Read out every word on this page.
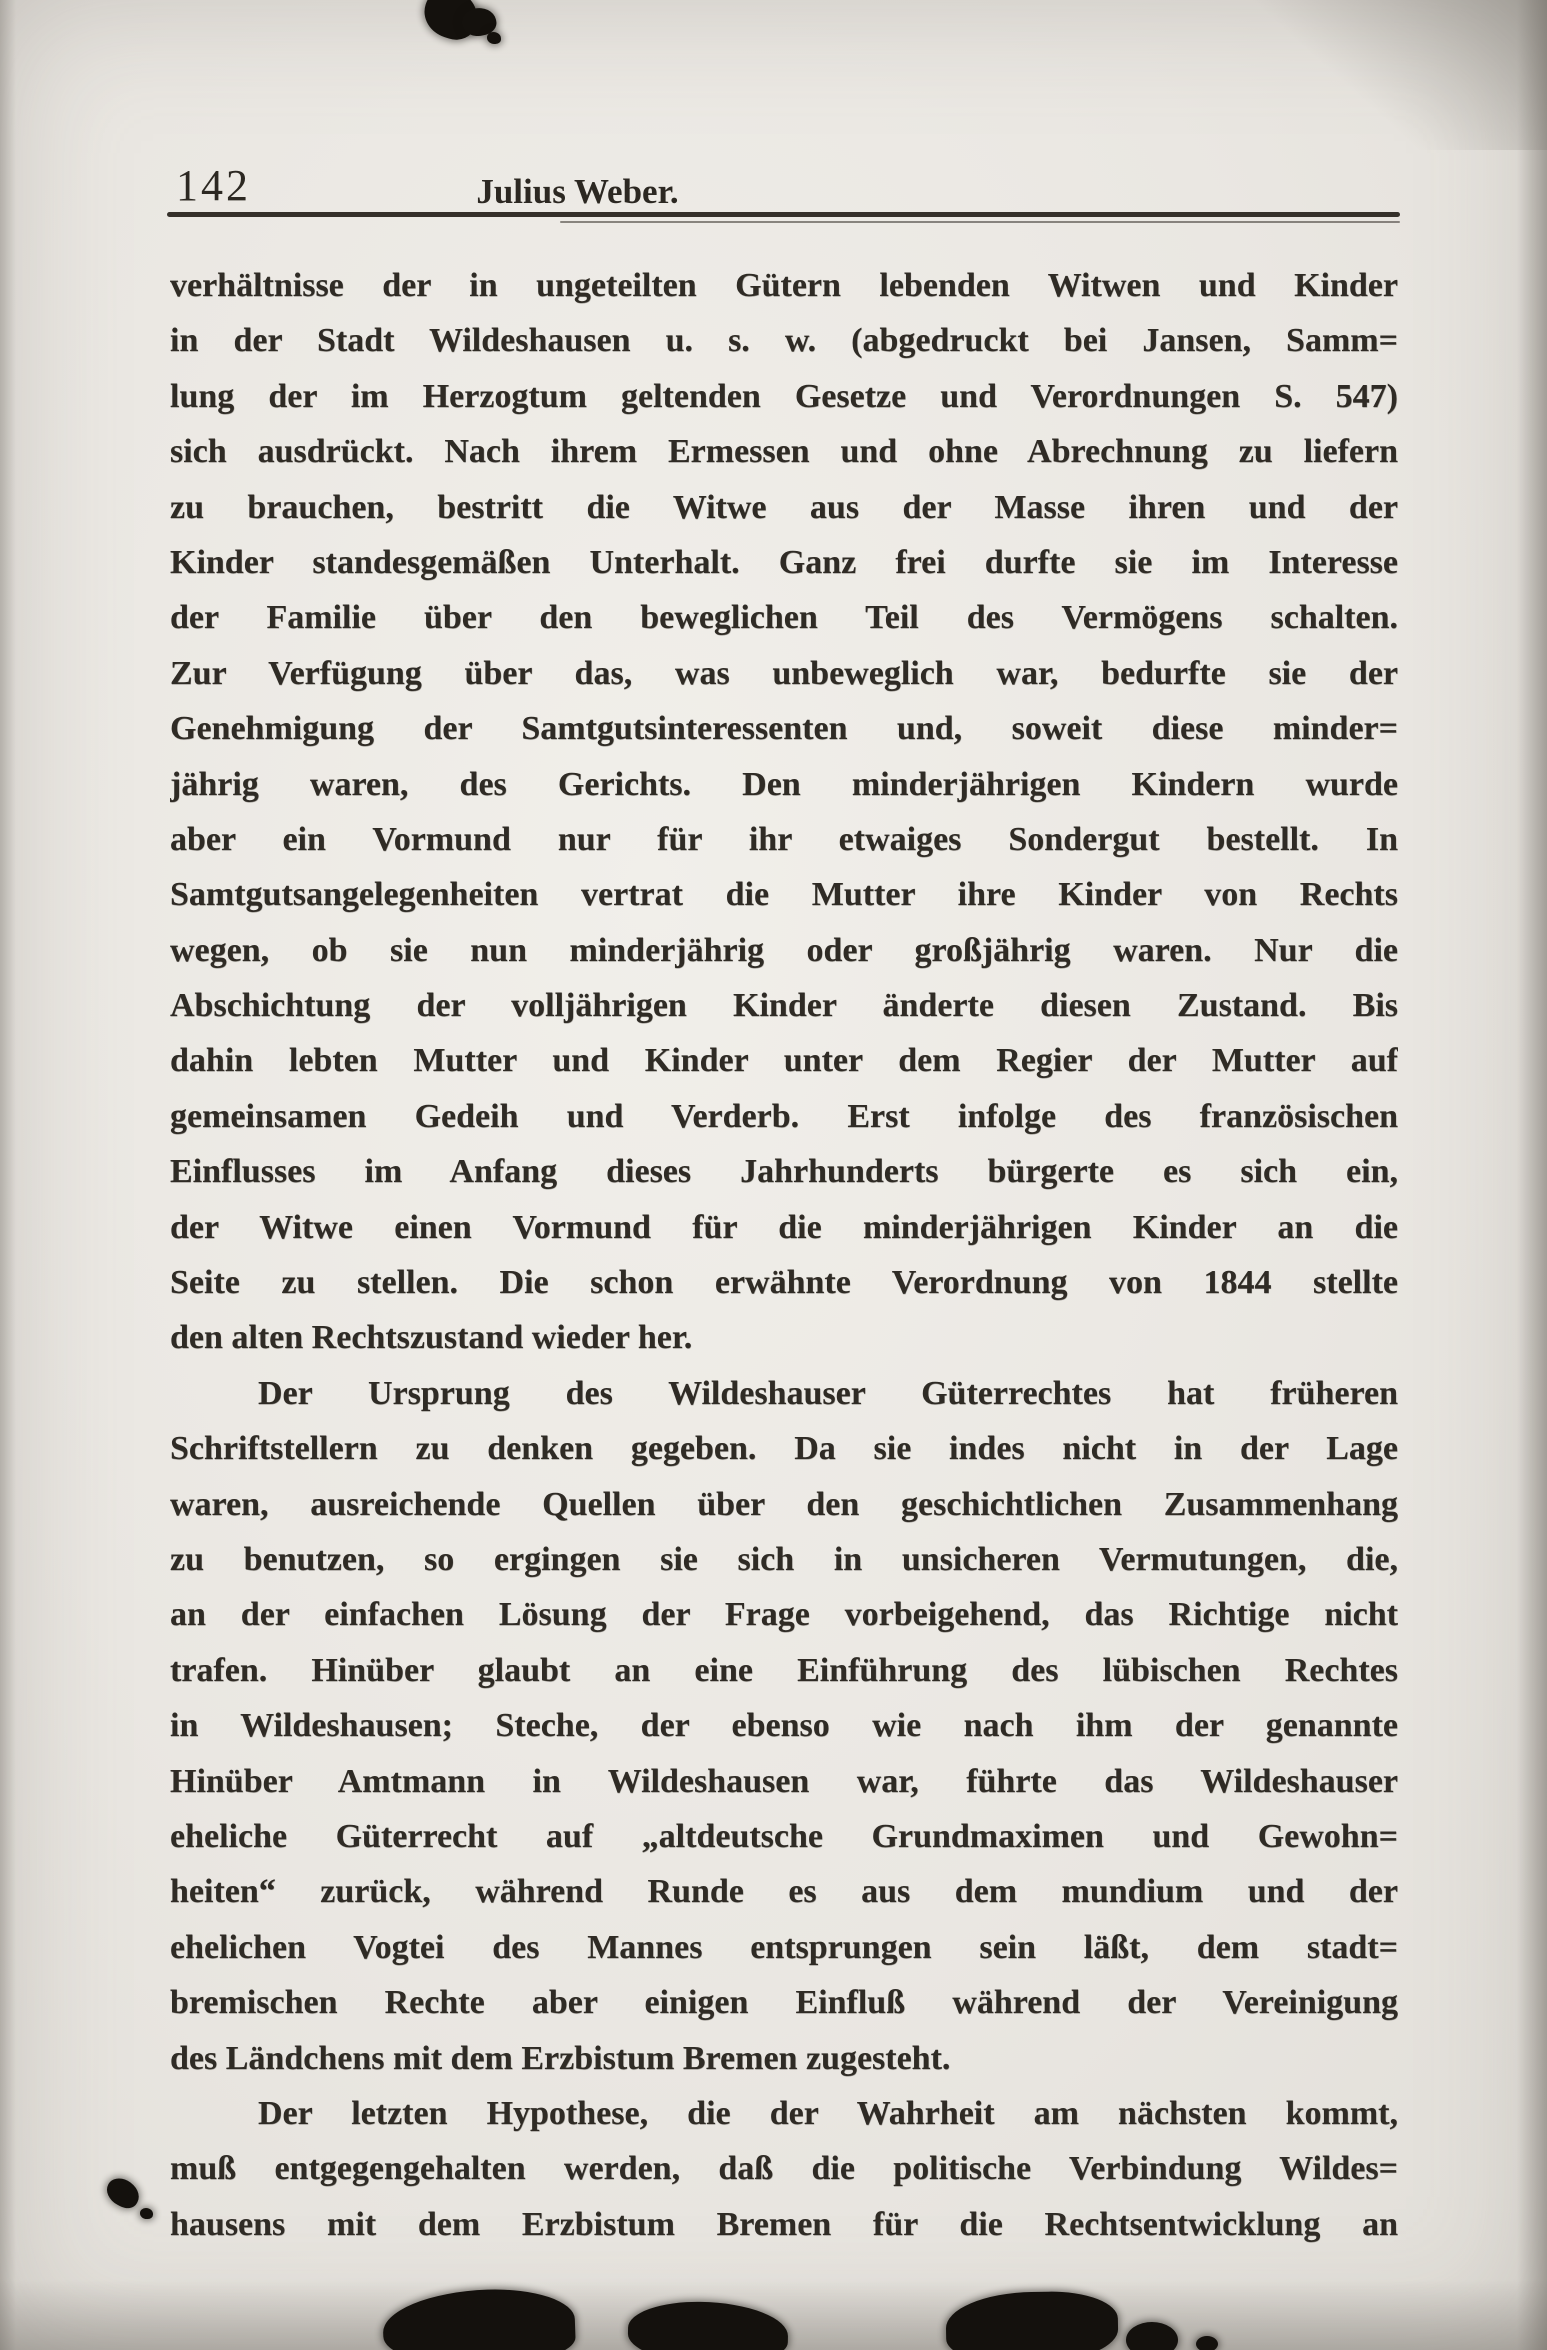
142	Julius Weber.
verhältnisse der in ungeteilten Gütern lebenden Witwen und Kinder
in der Stadt Wildeshausen u. s. w. (abgedruckt bei Jansen, Samm=
lung der im Herzogtum geltenden Gesetze und Verordnungen S. 547)
sich ausdrückt. Nach ihrem Ermessen und ohne Abrechnung zu liefern
zu brauchen, bestritt die Witwe aus der Masse ihren und der
Kinder standesgemäßen Unterhalt. Ganz frei durfte sie im Interesse
der Familie über den beweglichen Teil des Vermögens schalten.
Zur Verfügung über das, was unbeweglich war, bedurfte sie der
Genehmigung der Samtgutsinteressenten und, soweit diese minder=
jährig waren, des Gerichts. Den minderjährigen Kindern wurde
aber ein Vormund nur für ihr etwaiges Sondergut bestellt. In
Samtgutsangelegenheiten vertrat die Mutter ihre Kinder von Rechts
wegen, ob sie nun minderjährig oder großjährig waren. Nur die
Abschichtung der volljährigen Kinder änderte diesen Zustand. Bis
dahin lebten Mutter und Kinder unter dem Regier der Mutter auf
gemeinsamen Gedeih und Verderb. Erst infolge des französischen
Einflusses im Anfang dieses Jahrhunderts bürgerte es sich ein,
der Witwe einen Vormund für die minderjährigen Kinder an die
Seite zu stellen. Die schon erwähnte Verordnung von 1844 stellte
den alten Rechtszustand wieder her.
Der Ursprung des Wildeshauser Güterrechtes hat früheren
Schriftstellern zu denken gegeben. Da sie indes nicht in der Lage
waren, ausreichende Quellen über den geschichtlichen Zusammenhang
zu benutzen, so ergingen sie sich in unsicheren Vermutungen, die,
an der einfachen Lösung der Frage vorbeigehend, das Richtige nicht
trafen. Hinüber glaubt an eine Einführung des lübischen Rechtes
in Wildeshausen; Steche, der ebenso wie nach ihm der genannte
Hinüber Amtmann in Wildeshausen war, führte das Wildeshauser
eheliche Güterrecht auf „altdeutsche Grundmaximen und Gewohn=
heiten“ zurück, während Runde es aus dem mundium und der
ehelichen Vogtei des Mannes entsprungen sein läßt, dem stadt=
bremischen Rechte aber einigen Einfluß während der Vereinigung
des Ländchens mit dem Erzbistum Bremen zugesteht.
Der letzten Hypothese, die der Wahrheit am nächsten kommt,
muß entgegengehalten werden, daß die politische Verbindung Wildes=
hausens mit dem Erzbistum Bremen für die Rechtsentwicklung an
